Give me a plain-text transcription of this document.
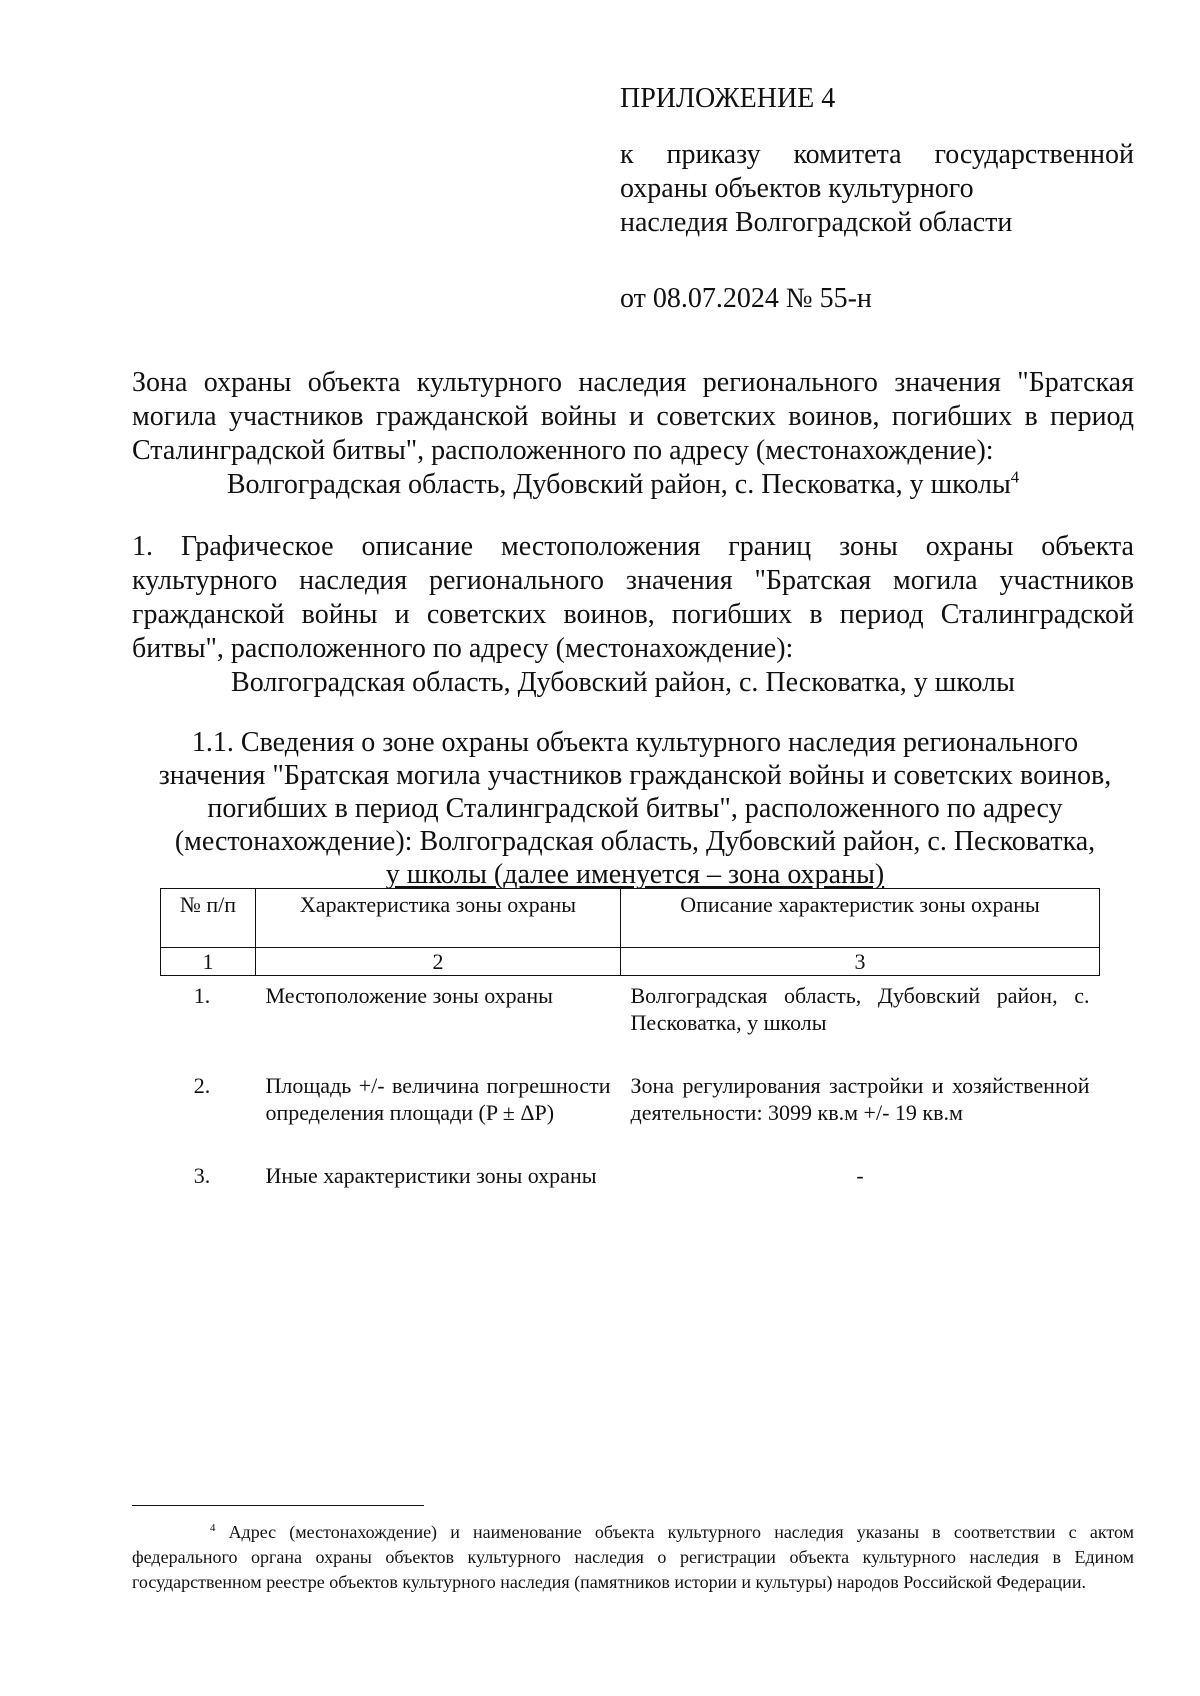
ПРИЛОЖЕНИЕ 4
к приказу комитета государственной
охраны объектов культурного
наследия Волгоградской области
от 08.07.2024 № 55-н
Зона охраны объекта культурного наследия регионального значения "Братская могила участников гражданской войны и советских воинов, погибших в период Сталинградской битвы", расположенного по адресу (местонахождение):
Волгоградская область, Дубовский район, с. Песковатка, у школы$^4$
1. Графическое описание местоположения границ зоны охраны объекта культурного наследия регионального значения "Братская могила участников гражданской войны и советских воинов, погибших в период Сталинградской битвы", расположенного по адресу (местонахождение):
Волгоградская область, Дубовский район, с. Песковатка, у школы
1.1. Сведения о зоне охраны объекта культурного наследия регионального значения "Братская могила участников гражданской войны и советских воинов, погибших в период Сталинградской битвы", расположенного по адресу (местонахождение): Волгоградская область, Дубовский район, с. Песковатка,
у школы (далее именуется – зона охраны)
№ п/п	Характеристика зоны охраны	Описание характеристик зоны охраны
1	2	3
1.	Местоположение зоны охраны	Волгоградская область, Дубовский район, с. Песковатка, у школы
2.	Площадь +/- величина погрешности определения площади (P ± ΔP)	Зона регулирования застройки и хозяйственной деятельности: 3099 кв.м +/- 19 кв.м
3.	Иные характеристики зоны охраны	-
$^4$ Адрес (местонахождение) и наименование объекта культурного наследия указаны в соответствии с актом федерального органа охраны объектов культурного наследия о регистрации объекта культурного наследия в Едином государственном реестре объектов культурного наследия (памятников истории и культуры) народов Российской Федерации.
